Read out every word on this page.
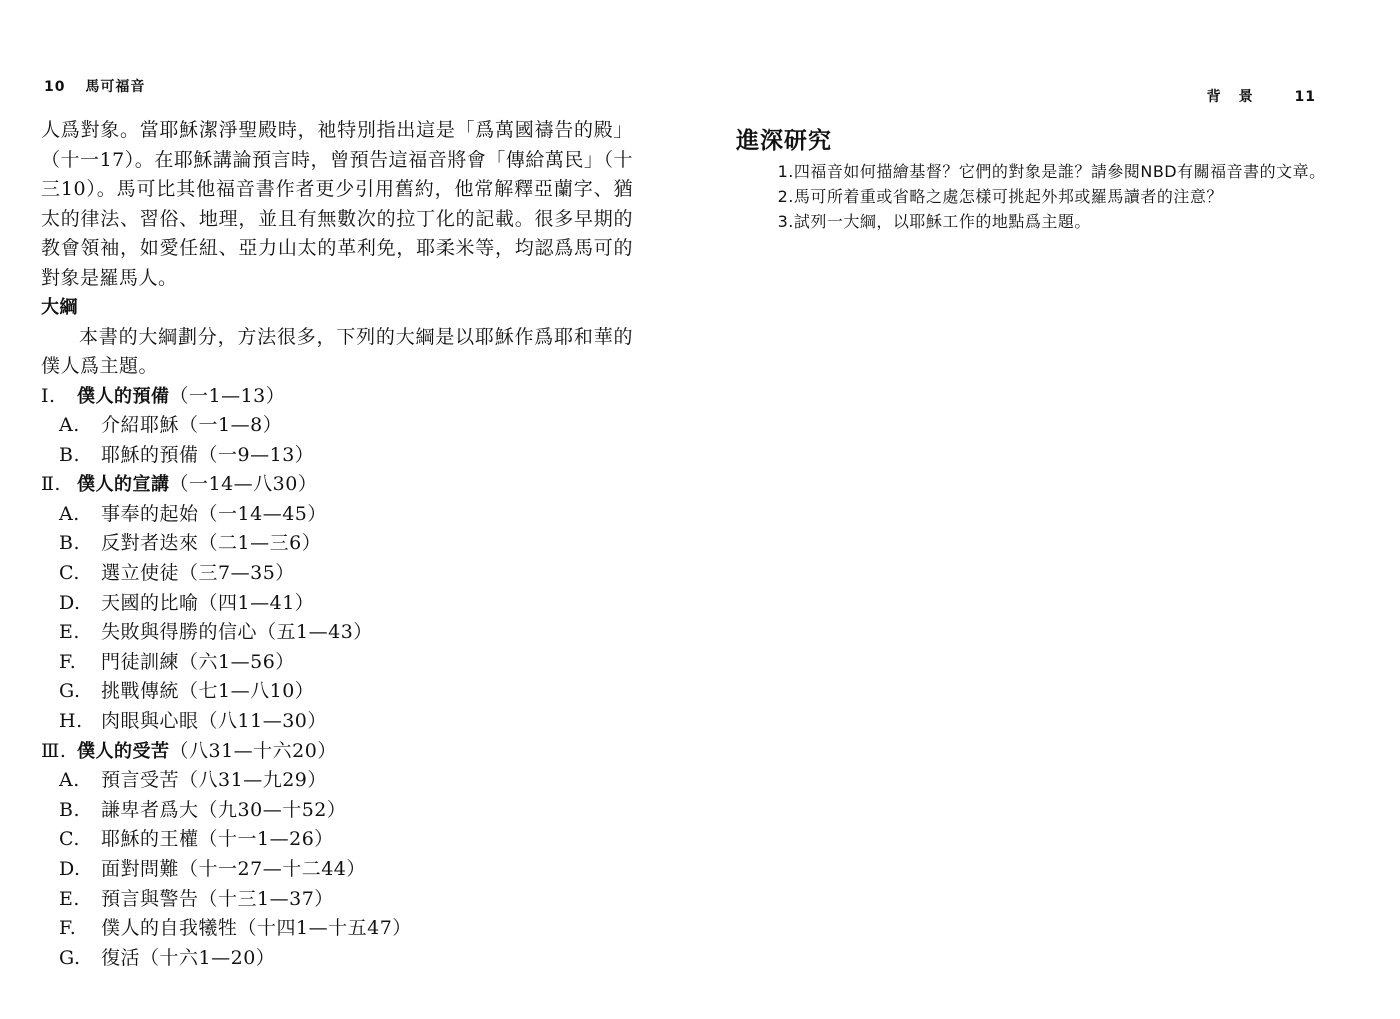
10 馬可福音

人爲對象。當耶穌潔淨聖殿時，祂特別指出這是「爲萬國禱告的殿」（十一17）。在耶穌講論預言時，曾預告這福音將會「傳給萬民」（十三10）。馬可比其他福音書作者更少引用舊約，他常解釋亞蘭字、猶太的律法、習俗、地理，並且有無數次的拉丁化的記載。很多早期的教會領袖，如愛任紐、亞力山太的革利免，耶柔米等，均認爲馬可的對象是羅馬人。

大綱

本書的大綱劃分，方法很多，下列的大綱是以耶穌作爲耶和華的僕人爲主題。

Ⅰ. 僕人的預備（一1—13）
A. 介紹耶穌（一1—8）
B. 耶穌的預備（一9—13）
Ⅱ. 僕人的宣講（一14—八30）
A. 事奉的起始（一14—45）
B. 反對者迭來（二1—三6）
C. 選立使徒（三7—35）
D. 天國的比喻（四1—41）
E. 失敗與得勝的信心（五1—43）
F. 門徒訓練（六1—56）
G. 挑戰傳統（七1—八10）
H. 肉眼與心眼（八11—30）
Ⅲ. 僕人的受苦（八31—十六20）
A. 預言受苦（八31—九29）
B. 謙卑者爲大（九30—十52）
C. 耶穌的王權（十一1—26）
D. 面對問難（十一27—十二44）
E. 預言與警告（十三1—37）
F. 僕人的自我犧牲（十四1—十五47）
G. 復活（十六1—20）
背景 11
進深研究

1.四福音如何描繪基督？它們的對象是誰？請參閱NBD有關福音書的文章。

2.馬可所着重或省略之處怎樣可挑起外邦或羅馬讀者的注意？

3.試列一大綱，以耶穌工作的地點爲主題。
